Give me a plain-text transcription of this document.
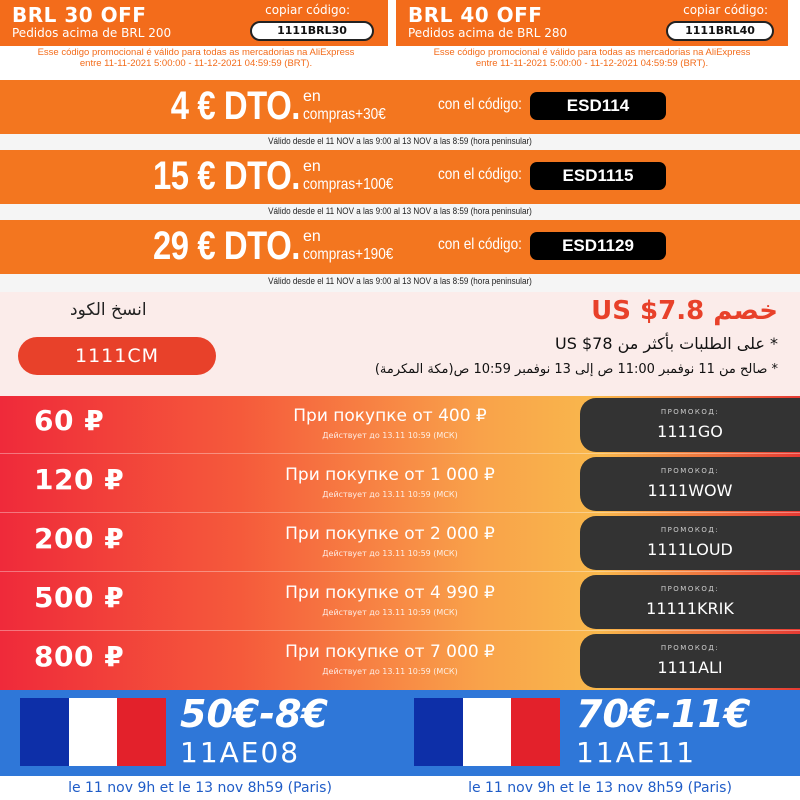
BRL 30 OFF
Pedidos acima de BRL 200
copiar código:
1111BRL30
BRL 40 OFF
Pedidos acima de BRL 280
copiar código:
1111BRL40
Esse código promocional é válido para todas as mercadorias na AliExpress
entre 11-11-2021 5:00:00 - 11-12-2021 04:59:59 (BRT).
Esse código promocional é válido para todas as mercadorias na AliExpress
entre 11-11-2021 5:00:00 - 11-12-2021 04:59:59 (BRT).
4 € DTO. en
compras+30€
con el código:	ESD114
Válido desde el 11 NOV a las 9:00 al 13 NOV a las 8:59 (hora peninsular)
15 € DTO. en
compras+100€
con el código:	ESD1115
Válido desde el 11 NOV a las 9:00 al 13 NOV a las 8:59 (hora peninsular)
29 € DTO. en
compras+190€
con el código:	ESD1129
Válido desde el 11 NOV a las 9:00 al 13 NOV a las 8:59 (hora peninsular)
انسخ الكود
1111CM
خصم US $7.8
* على الطلبات بأكثر من US $78
* صالح من 11 نوفمبر 11:00 ص إلى 13 نوفمبر 10:59 ص(مكة المكرمة)
60 ₽	При покупке от 400 ₽
Действует до 13.11 10:59 (МСК)
ПРОМОКОД:
1111GO
120 ₽	При покупке от 1 000 ₽
Действует до 13.11 10:59 (МСК)
ПРОМОКОД:
1111WOW
200 ₽	При покупке от 2 000 ₽
Действует до 13.11 10:59 (МСК)
ПРОМОКОД:
1111LOUD
500 ₽	При покупке от 4 990 ₽
Действует до 13.11 10:59 (МСК)
ПРОМОКОД:
11111KRIK
800 ₽	При покупке от 7 000 ₽
Действует до 13.11 10:59 (МСК)
ПРОМОКОД:
1111ALI
50€-8€
11AE08
le 11 nov 9h et le 13 nov 8h59 (Paris)
70€-11€
11AE11
le 11 nov 9h et le 13 nov 8h59 (Paris)
